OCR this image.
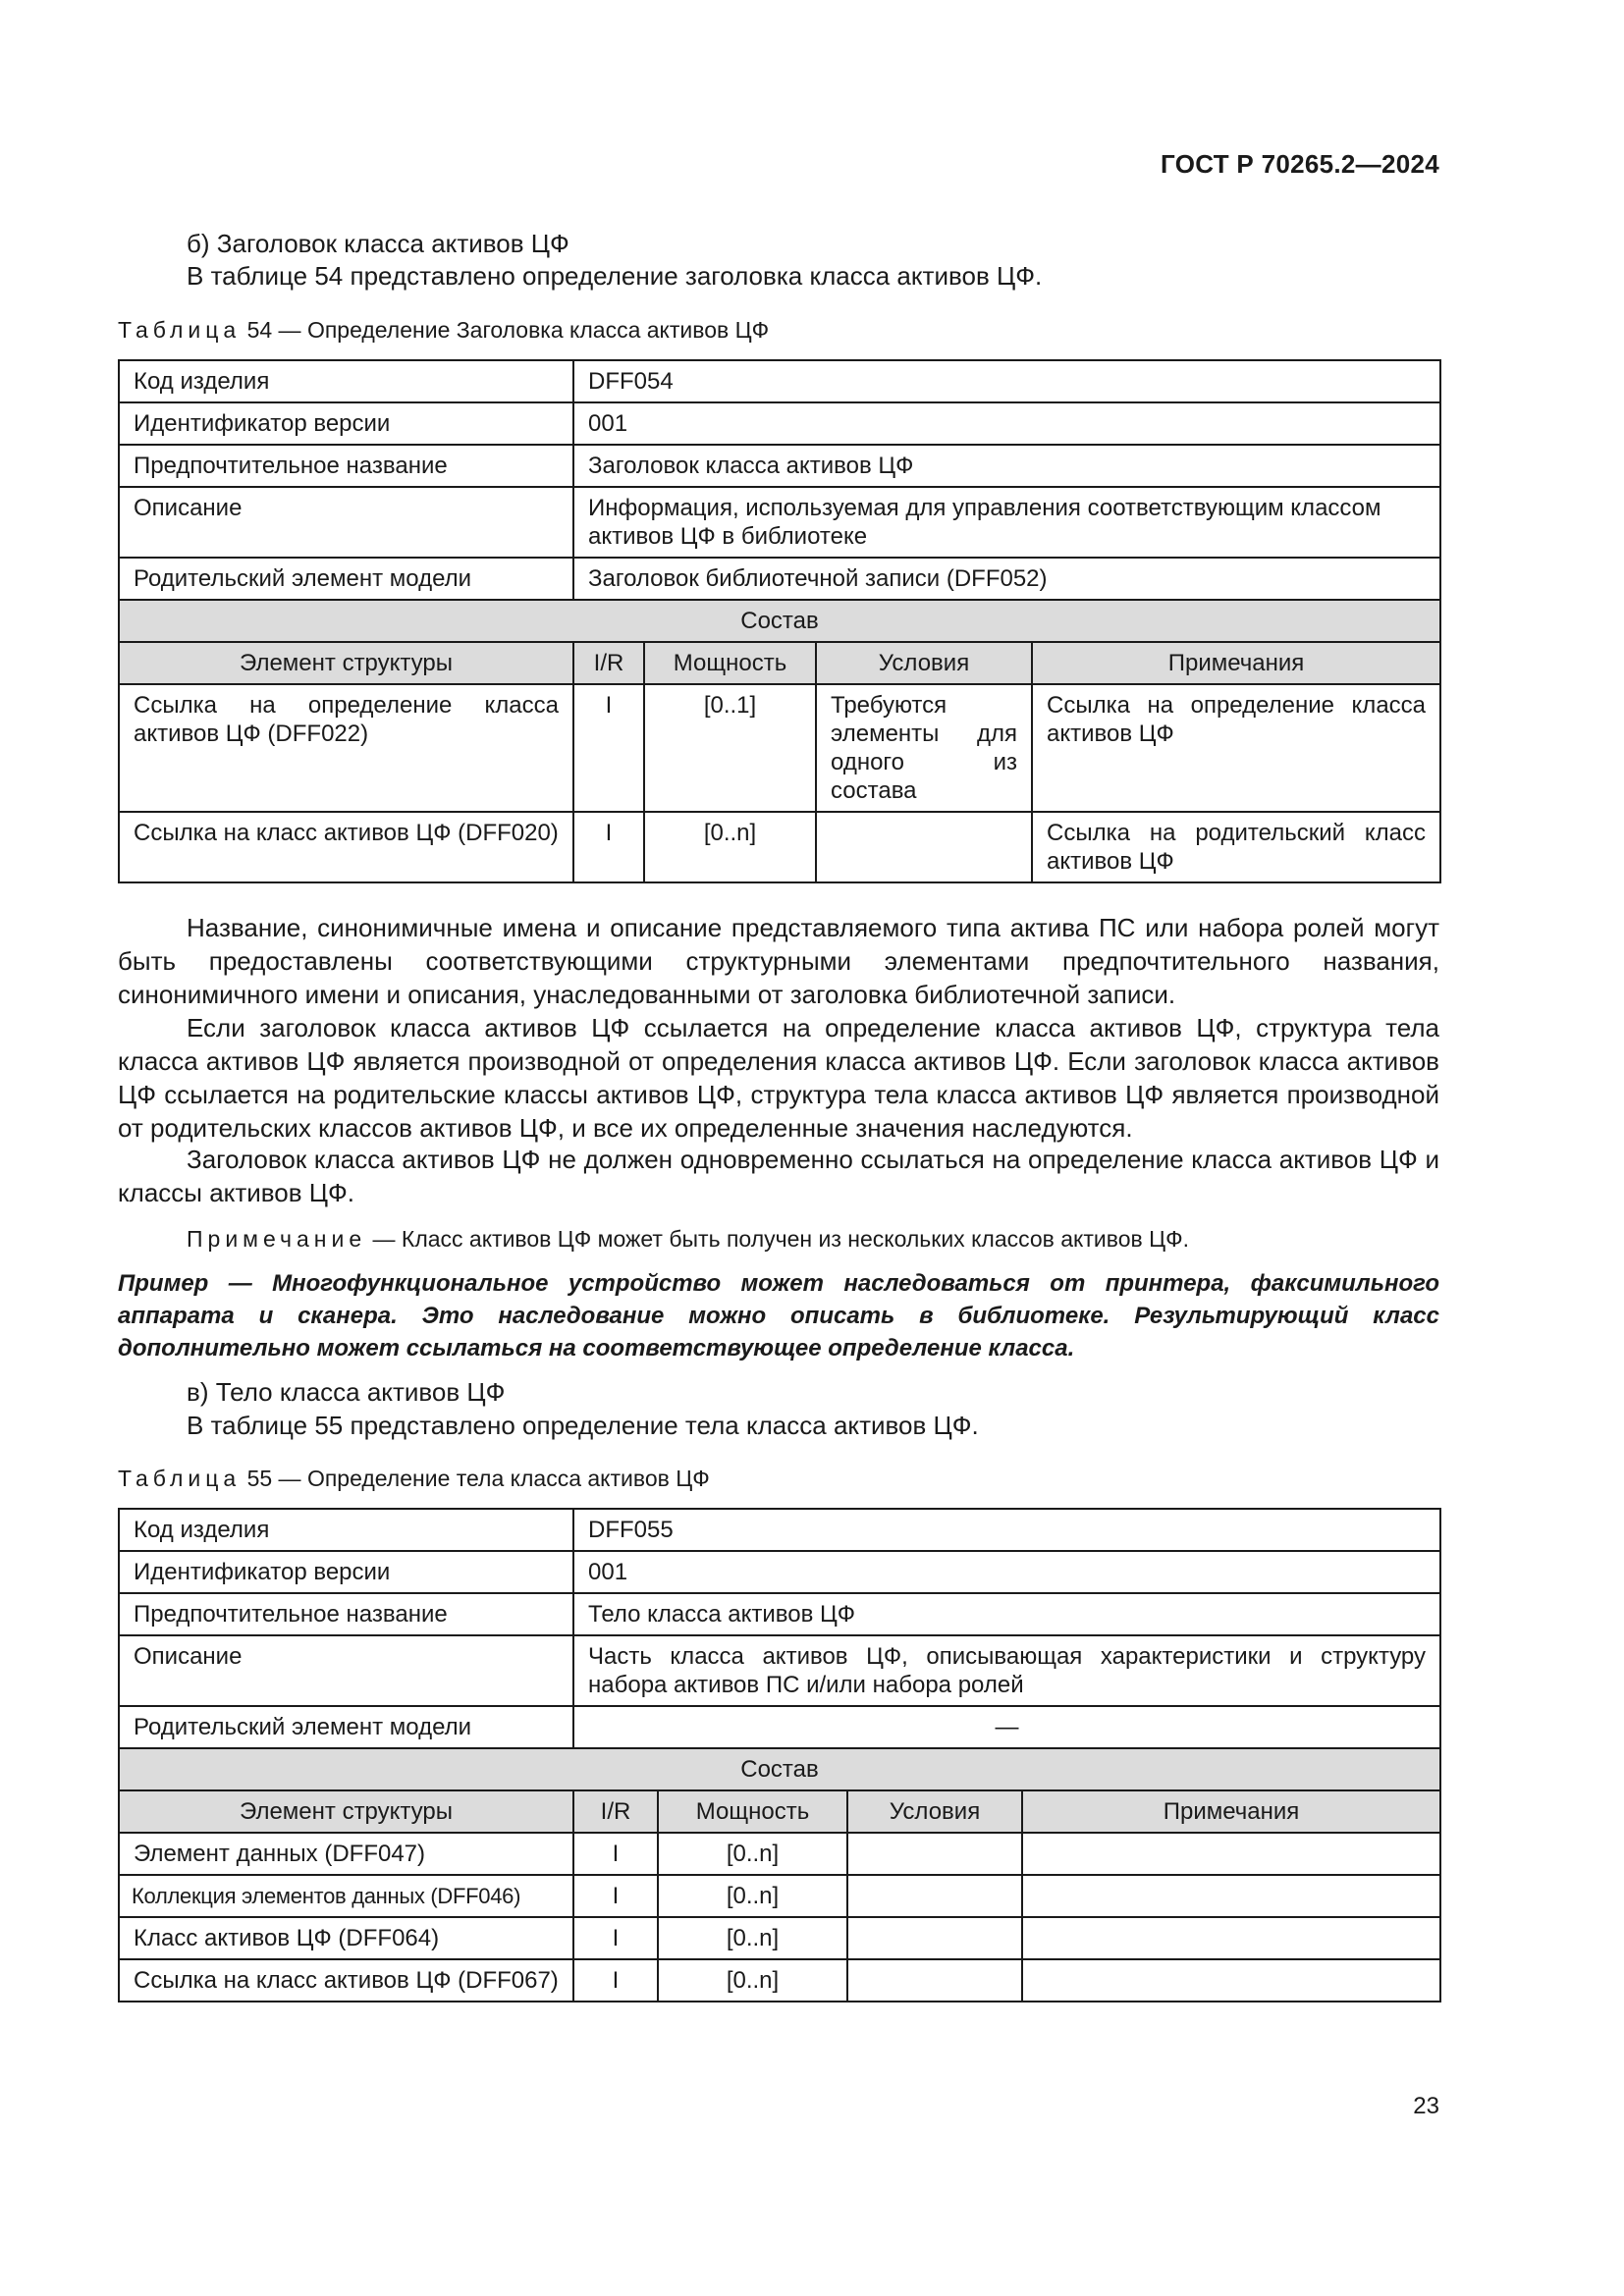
ГОСТ Р 70265.2—2024
б) Заголовок класса активов ЦФ
В таблице 54 представлено определение заголовка класса активов ЦФ.
Таблица 54 — Определение Заголовка класса активов ЦФ
Код изделия	DFF054			
Идентификатор версии	001			
Предпочтительное название	Заголовок класса активов ЦФ			
Описание	Информация, используемая для управления соответствующим классом активов ЦФ в библиотеке			
Родительский элемент модели	Заголовок библиотечной записи (DFF052)			
Состав				
Элемент структуры	I/R	Мощность	Условия	Примечания
Ссылка на определение класса активов ЦФ (DFF022)	I	[0..1]	Требуются элементы для одного из состава	Ссылка на определение класса активов ЦФ
Ссылка на класс активов ЦФ (DFF020)	I	[0..n]		Ссылка на родительский класс активов ЦФ
Название, синонимичные имена и описание представляемого типа актива ПС или набора ролей могут быть предоставлены соответствующими структурными элементами предпочтительного названия, синонимичного имени и описания, унаследованными от заголовка библиотечной записи.
Если заголовок класса активов ЦФ ссылается на определение класса активов ЦФ, структура тела класса активов ЦФ является производной от определения класса активов ЦФ. Если заголовок класса активов ЦФ ссылается на родительские классы активов ЦФ, структура тела класса активов ЦФ является производной от родительских классов активов ЦФ, и все их определенные значения наследуются.
Заголовок класса активов ЦФ не должен одновременно ссылаться на определение класса активов ЦФ и классы активов ЦФ.
Примечание — Класс активов ЦФ может быть получен из нескольких классов активов ЦФ.
Пример — Многофункциональное устройство может наследоваться от принтера, факсимильного аппарата и сканера. Это наследование можно описать в библиотеке. Результирующий класс дополнительно может ссылаться на соответствующее определение класса.
в) Тело класса активов ЦФ
В таблице 55 представлено определение тела класса активов ЦФ.
Таблица 55 — Определение тела класса активов ЦФ
Код изделия	DFF055			
Идентификатор версии	001			
Предпочтительное название	Тело класса активов ЦФ			
Описание	Часть класса активов ЦФ, описывающая характеристики и структуру набора активов ПС и/или набора ролей			
Родительский элемент модели	—			
Состав				
Элемент структуры	I/R	Мощность	Условия	Примечания
Элемент данных (DFF047)	I	[0..n]		
Коллекция элементов данных (DFF046)	I	[0..n]		
Класс активов ЦФ (DFF064)	I	[0..n]		
Ссылка на класс активов ЦФ (DFF067)	I	[0..n]		
23
